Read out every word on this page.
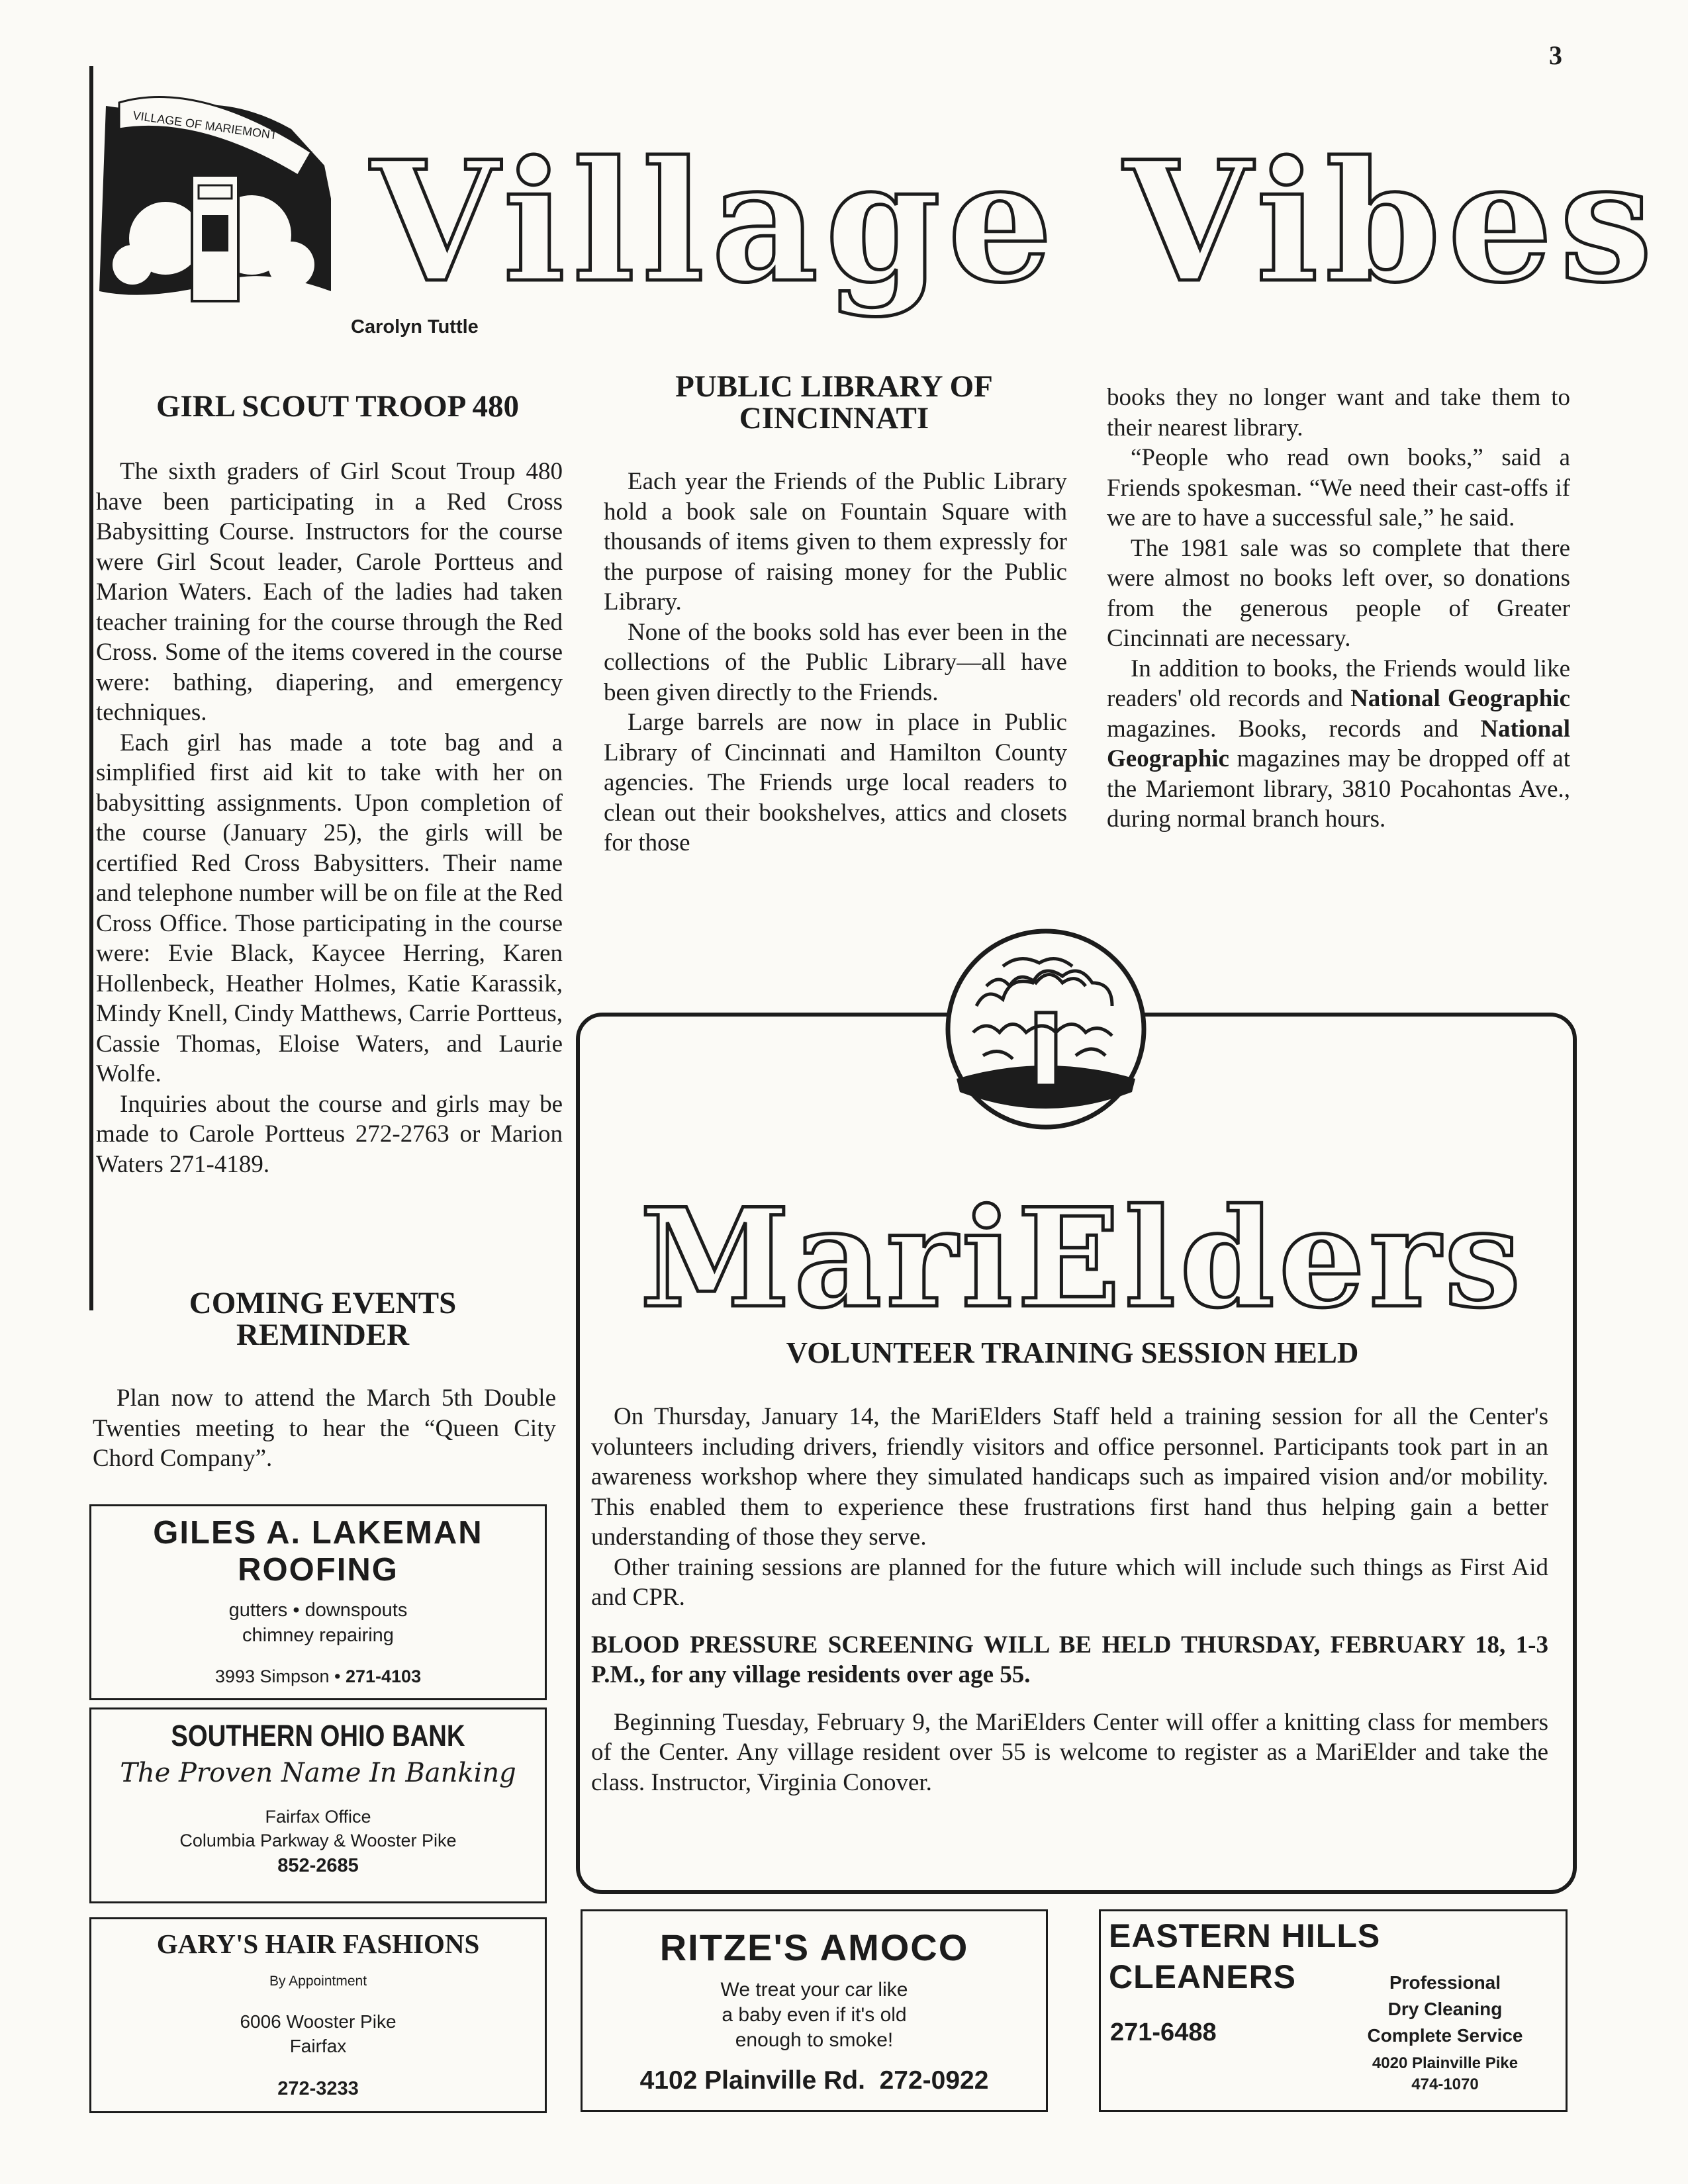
3
VILLAGE OF MARIEMONT Village Vibes
Carolyn Tuttle
GIRL SCOUT TROOP 480

The sixth graders of Girl Scout Troup 480 have been participating in a Red Cross Babysitting Course. Instructors for the course were Girl Scout leader, Carole Portteus and Marion Waters. Each of the ladies had taken teacher training for the course through the Red Cross. Some of the items covered in the course were: bathing, diapering, and emergency techniques.

Each girl has made a tote bag and a simplified first aid kit to take with her on babysitting assignments. Upon completion of the course (January 25), the girls will be certified Red Cross Babysitters. Their name and telephone number will be on file at the Red Cross Office. Those participating in the course were: Evie Black, Kaycee Herring, Karen Hollenbeck, Heather Holmes, Katie Karassik, Mindy Knell, Cindy Matthews, Carrie Portteus, Cassie Thomas, Eloise Waters, and Laurie Wolfe.

Inquiries about the course and girls may be made to Carole Portteus 272-2763 or Marion Waters 271-4189.

COMING EVENTS REMINDER

Plan now to attend the March 5th Double Twenties meeting to hear the “Queen City Chord Company”.

PUBLIC LIBRARY OF CINCINNATI

Each year the Friends of the Public Library hold a book sale on Fountain Square with thousands of items given to them expressly for the purpose of raising money for the Public Library.

None of the books sold has ever been in the collections of the Public Library—all have been given directly to the Friends.

Large barrels are now in place in Public Library of Cincinnati and Hamilton County agencies. The Friends urge local readers to clean out their bookshelves, attics and closets for those

books they no longer want and take them to their nearest library.

“People who read own books,” said a Friends spokesman. “We need their cast-offs if we are to have a successful sale,” he said.

The 1981 sale was so complete that there were almost no books left over, so donations from the generous people of Greater Cincinnati are necessary.

In addition to books, the Friends would like readers' old records and National Geographic magazines. Books, records and National Geographic magazines may be dropped off at the Mariemont library, 3810 Pocahontas Ave., during normal branch hours.

MariElders
VOLUNTEER TRAINING SESSION HELD

On Thursday, January 14, the MariElders Staff held a training session for all the Center's volunteers including drivers, friendly visitors and office personnel. Participants took part in an awareness workshop where they simulated handicaps such as impaired vision and/or mobility. This enabled them to experience these frustrations first hand thus helping gain a better understanding of those they serve.

Other training sessions are planned for the future which will include such things as First Aid and CPR.

BLOOD PRESSURE SCREENING WILL BE HELD THURSDAY, FEBRUARY 18, 1-3 P.M., for any village residents over age 55.

Beginning Tuesday, February 9, the MariElders Center will offer a knitting class for members of the Center. Any village resident over 55 is welcome to register as a MariElder and take the class. Instructor, Virginia Conover.

GILES A. LAKEMAN
ROOFING
gutters • downspouts
chimney repairing
3993 Simpson • 271-4103
SOUTHERN OHIO BANK
The Proven Name In Banking
Fairfax Office
Columbia Parkway & Wooster Pike
852-2685
GARY'S HAIR FASHIONS
By Appointment
6006 Wooster Pike
Fairfax
272-3233
RITZE'S AMOCO
We treat your car like
a baby even if it's old
enough to smoke!
4102 Plainville Rd.  272-0922
EASTERN HILLS
CLEANERS
271-6488
Professional
Dry Cleaning
Complete Service
4020 Plainville Pike
474-1070
